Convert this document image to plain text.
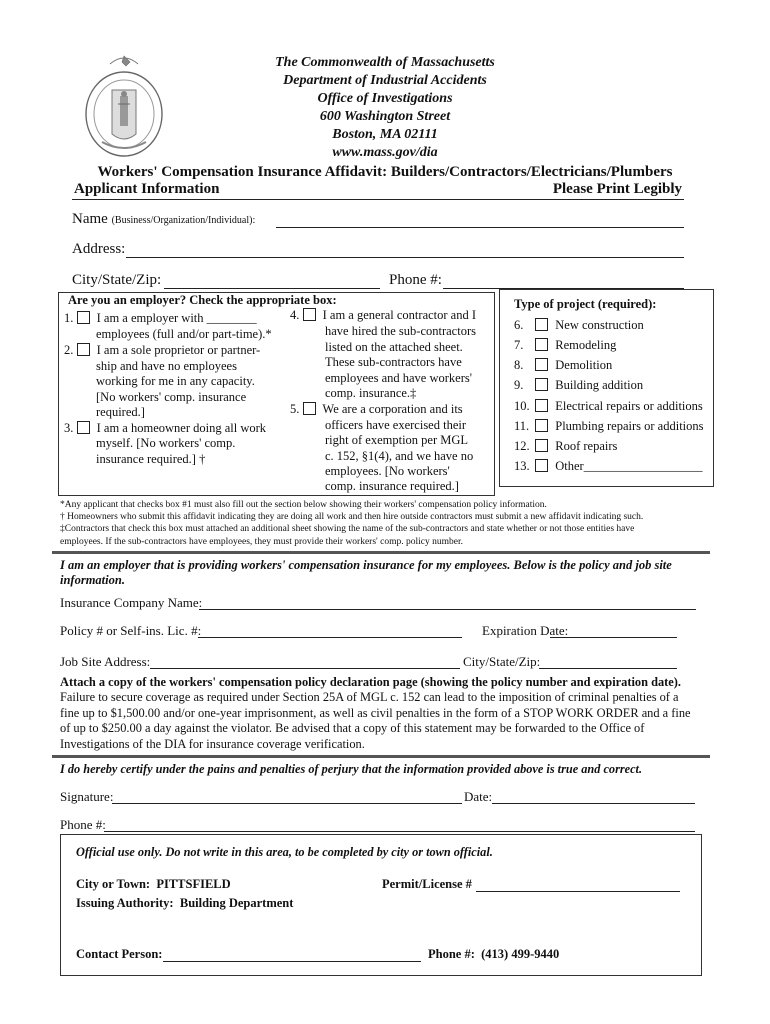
.
The Commonwealth of Massachusetts
Department of Industrial Accidents
Office of Investigations
600 Washington Street
Boston, MA 02111
www.mass.gov/dia
Workers' Compensation Insurance Affidavit: Builders/Contractors/Electricians/Plumbers
Applicant Information	Please Print Legibly
Name (Business/Organization/Individual):
Address:
City/State/Zip:	Phone #:
Are you an employer? Check the appropriate box:
1. I am a employer with ________
employees (full and/or part-time).*
2. I am a sole proprietor or partner-
ship and have no employees
working for me in any capacity.
[No workers' comp. insurance
required.]
3. I am a homeowner doing all work
myself. [No workers' comp.
insurance required.] †
4. I am a general contractor and I
have hired the sub-contractors
listed on the attached sheet.
These sub-contractors have
employees and have workers'
comp. insurance.‡
5. We are a corporation and its
officers have exercised their
right of exemption per MGL
c. 152, §1(4), and we have no
employees. [No workers'
comp. insurance required.]
Type of project (required):
6.	New construction
7.	Remodeling
8.	Demolition
9.	Building addition
10. Electrical repairs or additions
11. Plumbing repairs or additions
12. Roof repairs
13. Other___________________
*Any applicant that checks box #1 must also fill out the section below showing their workers' compensation policy information.
† Homeowners who submit this affidavit indicating they are doing all work and then hire outside contractors must submit a new affidavit indicating such.
‡Contractors that check this box must attached an additional sheet showing the name of the sub-contractors and state whether or not those entities have
employees. If the sub-contractors have employees, they must provide their workers' comp. policy number.
I am an employer that is providing workers' compensation insurance for my employees. Below is the policy and job site information.
Insurance Company Name:
Policy # or Self-ins. Lic. #:	Expiration Date:
Job Site Address:	City/State/Zip:
Attach a copy of the workers' compensation policy declaration page (showing the policy number and expiration date).
Failure to secure coverage as required under Section 25A of MGL c. 152 can lead to the imposition of criminal penalties of a
fine up to $1,500.00 and/or one-year imprisonment, as well as civil penalties in the form of a STOP WORK ORDER and a fine
of up to $250.00 a day against the violator. Be advised that a copy of this statement may be forwarded to the Office of
Investigations of the DIA for insurance coverage verification.
I do hereby certify under the pains and penalties of perjury that the information provided above is true and correct.
Signature:	Date:
Phone #:
Official use only. Do not write in this area, to be completed by city or town official.
City or Town: PITTSFIELD	Permit/License #
Issuing Authority: Building Department
Contact Person:	Phone #: (413) 499-9440
